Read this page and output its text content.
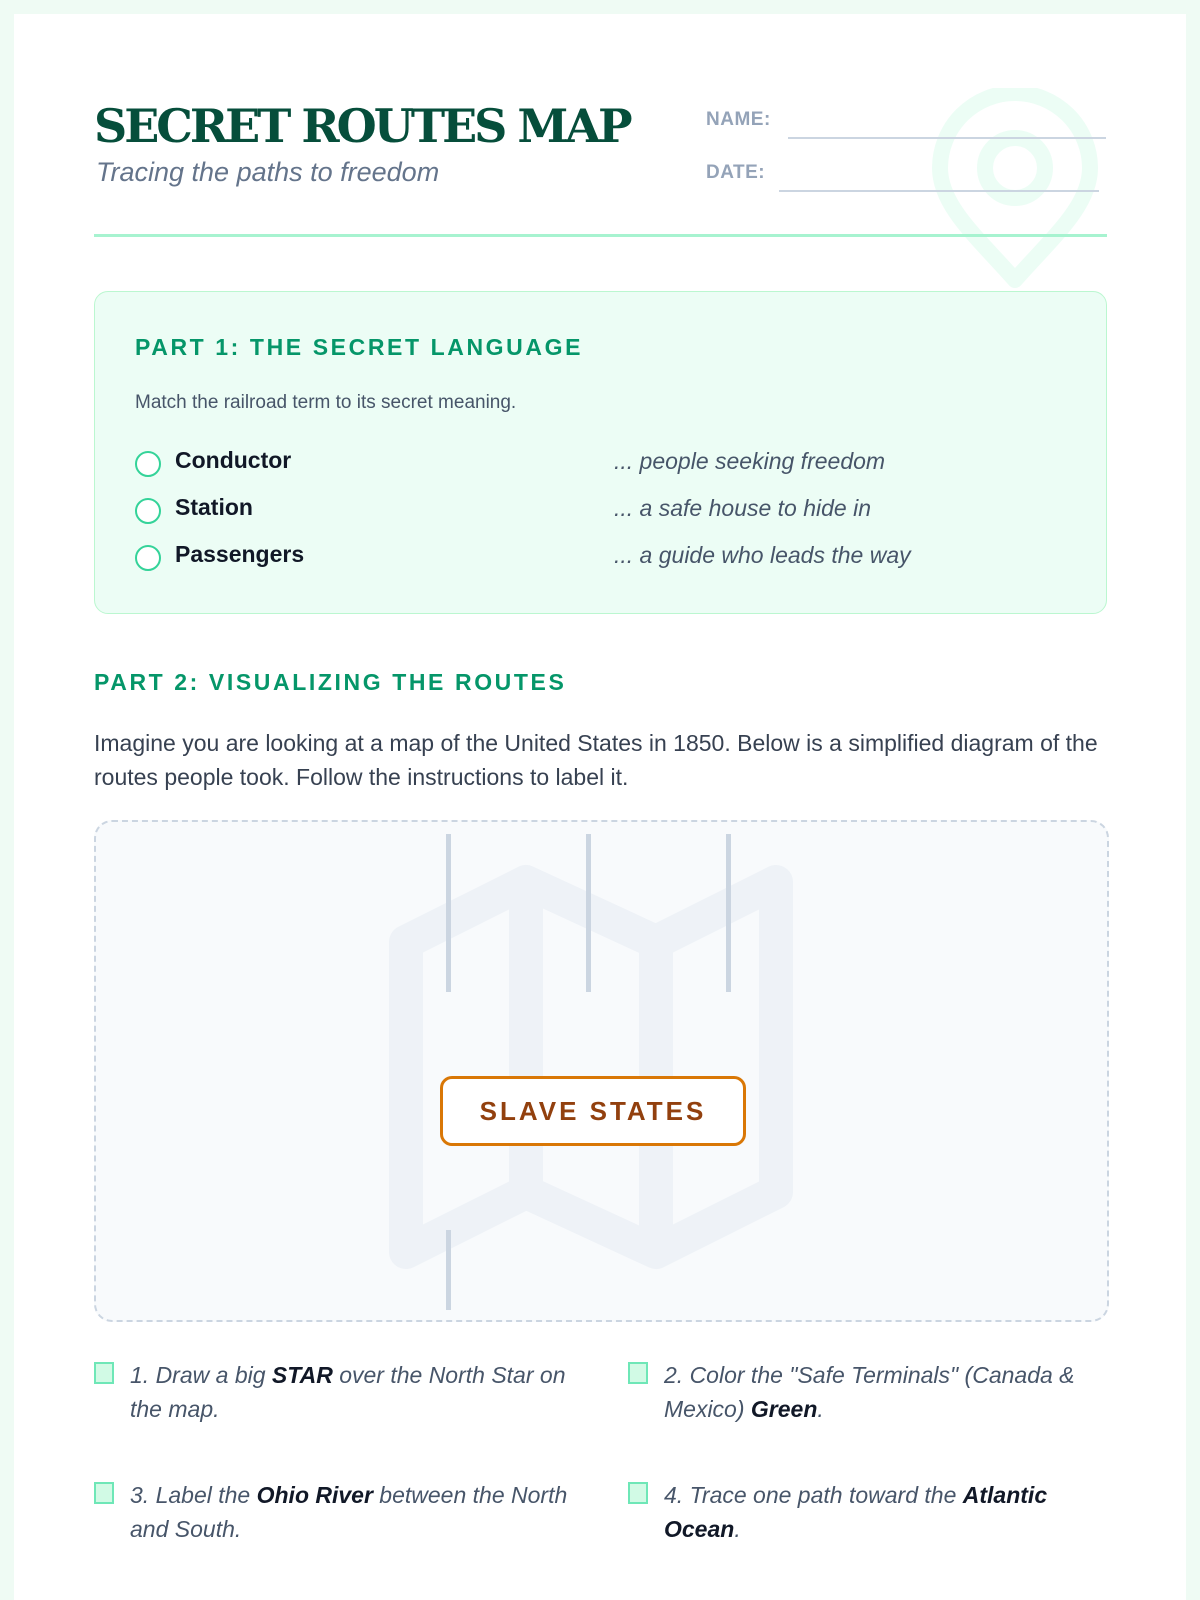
SECRET ROUTES MAP
Tracing the paths to freedom
NAME:
DATE:
PART 1: THE SECRET LANGUAGE
Match the railroad term to its secret meaning.
Conductor	... people seeking freedom
Station	... a safe house to hide in
Passengers	... a guide who leads the way
PART 2: VISUALIZING THE ROUTES

Imagine you are looking at a map of the United States in 1850. Below is a simplified diagram of the routes people took. Follow the instructions to label it.

SLAVE STATES
1. Draw a big STAR over the North Star on the map.
2. Color the "Safe Terminals" (Canada & Mexico) Green.
3. Label the Ohio River between the North and South.
4. Trace one path toward the Atlantic Ocean.
